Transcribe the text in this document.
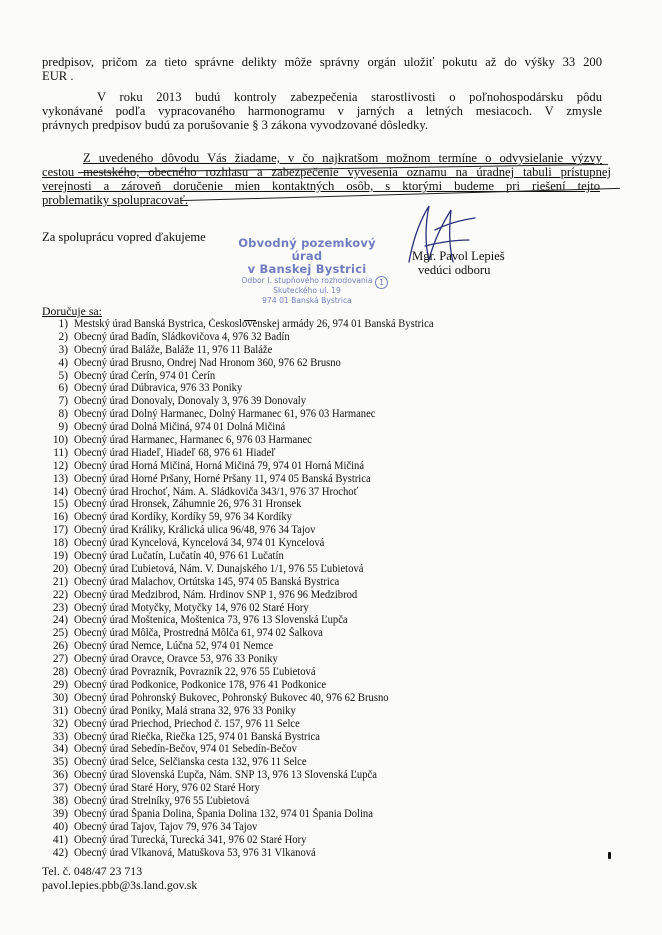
predpisov, pričom za tieto správne delikty môže správny orgán uložiť pokutu až do výšky 33 200

EUR .

V roku 2013 budú kontroly zabezpečenia starostlivosti o poľnohospodársku pôdu

vykonávané podľa vypracovaného harmonogramu v jarných a letných mesiacoch. V zmysle

právnych predpisov budú za porušovanie § 3 zákona vyvodzované dôsledky.

Z uvedeného dôvodu Vás žiadame, v čo najkratšom možnom termíne o odvysielanie výzvy

cestou mestského, obecného rozhlasu a zabezpečenie vyvesenia oznamu na úradnej tabuli prístupnej

verejnosti a zároveň doručenie mien kontaktných osôb, s ktorými budeme pri riešení tejto

problematiky spolupracovať.

Za spoluprácu vopred ďakujeme	Obvodný pozemkový úrad
v Banskej Bystrici
Odbor I. stupňového rozhodovania
Skuteckého ul. 19
974 01 Banská Bystrica
1

Mgr. Pavol Lepieš

vedúci odboru

Doručuje sa:

1) Mestský úrad Banská Bystrica, Československej armády 26, 974 01 Banská Bystrica
2) Obecný úrad Badín, Sládkovičova 4, 976 32 Badín
3) Obecný úrad Baláže, Baláže 11, 976 11 Baláže
4) Obecný úrad Brusno, Ondrej Nad Hronom 360, 976 62 Brusno
5) Obecný úrad Čerín, 974 01 Čerín
6) Obecný úrad Dúbravica, 976 33 Poniky
7) Obecný úrad Donovaly, Donovaly 3, 976 39 Donovaly
8) Obecný úrad Dolný Harmanec, Dolný Harmanec 61, 976 03 Harmanec
9) Obecný úrad Dolná Mičiná, 974 01 Dolná Mičiná
10) Obecný úrad Harmanec, Harmanec 6, 976 03 Harmanec
11) Obecný úrad Hiadeľ, Hiadeľ 68, 976 61 Hiadeľ
12) Obecný úrad Horná Mičiná, Horná Mičiná 79, 974 01 Horná Mičiná
13) Obecný úrad Horné Pršany, Horné Pršany 11, 974 05 Banská Bystrica
14) Obecný úrad Hrochoť, Nám. A. Sládkoviča 343/1, 976 37 Hrochoť
15) Obecný úrad Hronsek, Záhumnie 26, 976 31 Hronsek
16) Obecný úrad Kordíky, Kordíky 59, 976 34 Kordíky
17) Obecný úrad Králiky, Králická ulica 96/48, 976 34 Tajov
18) Obecný úrad Kyncelová, Kyncelová 34, 974 01 Kyncelová
19) Obecný úrad Lučatín, Lučatín 40, 976 61 Lučatín
20) Obecný úrad Ľubietová, Nám. V. Dunajského 1/1, 976 55 Ľubietová
21) Obecný úrad Malachov, Ortútska 145, 974 05 Banská Bystrica
22) Obecný úrad Medzibrod, Nám. Hrdinov SNP 1, 976 96 Medzibrod
23) Obecný úrad Motyčky, Motyčky 14, 976 02 Staré Hory
24) Obecný úrad Moštenica, Moštenica 73, 976 13 Slovenská Ľupča
25) Obecný úrad Môlča, Prostredná Môlča 61, 974 02 Šalkova
26) Obecný úrad Nemce, Lúčna 52, 974 01 Nemce
27) Obecný úrad Oravce, Oravce 53, 976 33 Poniky
28) Obecný úrad Povrazník, Povrazník 22, 976 55 Ľubietová
29) Obecný úrad Podkonice, Podkonice 178, 976 41 Podkonice
30) Obecný úrad Pohronský Bukovec, Pohronský Bukovec 40, 976 62 Brusno
31) Obecný úrad Poniky, Malá strana 32, 976 33 Poniky
32) Obecný úrad Priechod, Priechod č. 157, 976 11 Selce
33) Obecný úrad Riečka, Riečka 125, 974 01 Banská Bystrica
34) Obecný úrad Sebedín-Bečov, 974 01 Sebedín-Bečov
35) Obecný úrad Selce, Selčianska cesta 132, 976 11 Selce
36) Obecný úrad Slovenská Ľupča, Nám. SNP 13, 976 13 Slovenská Ľupča
37) Obecný úrad Staré Hory, 976 02 Staré Hory
38) Obecný úrad Strelníky, 976 55 Ľubietová
39) Obecný úrad Špania Dolina, Špania Dolina 132, 974 01 Špania Dolina
40) Obecný úrad Tajov, Tajov 79, 976 34 Tajov
41) Obecný úrad Turecká, Turecká 341, 976 02 Staré Hory
42) Obecný úrad Vlkanová, Matuškova 53, 976 31 Vlkanová

Tel. č. 048/47 23 713

pavol.lepies.pbb@3s.land.gov.sk
